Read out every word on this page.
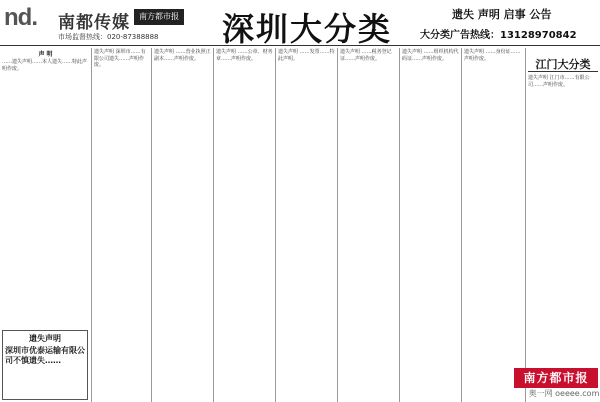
nd. 南都传媒	南方都市报
市场监督热线：020-87388888 深圳大分类	遗失 声明 启事 公告
大分类广告热线：13128970842
声 明
……遗失声明……本人遗失……特此声明作废。
遗失声明 深圳市……有限公司遗失……声明作废。
遗失声明 ……营业执照正副本……声明作废。
遗失声明 ……公章、财务章……声明作废。
遗失声明 ……发票……特此声明。
遗失声明 ……税务登记证……声明作废。
遗失声明 ……组织机构代码证……声明作废。
遗失声明 ……身份证……声明作废。
遗失声明 江门市……有限公司……声明作废。
遗失声明
深圳市优泰运输有限公司不慎遗失……
江门大分类
南方都市报
奥一网 oeeee.com
